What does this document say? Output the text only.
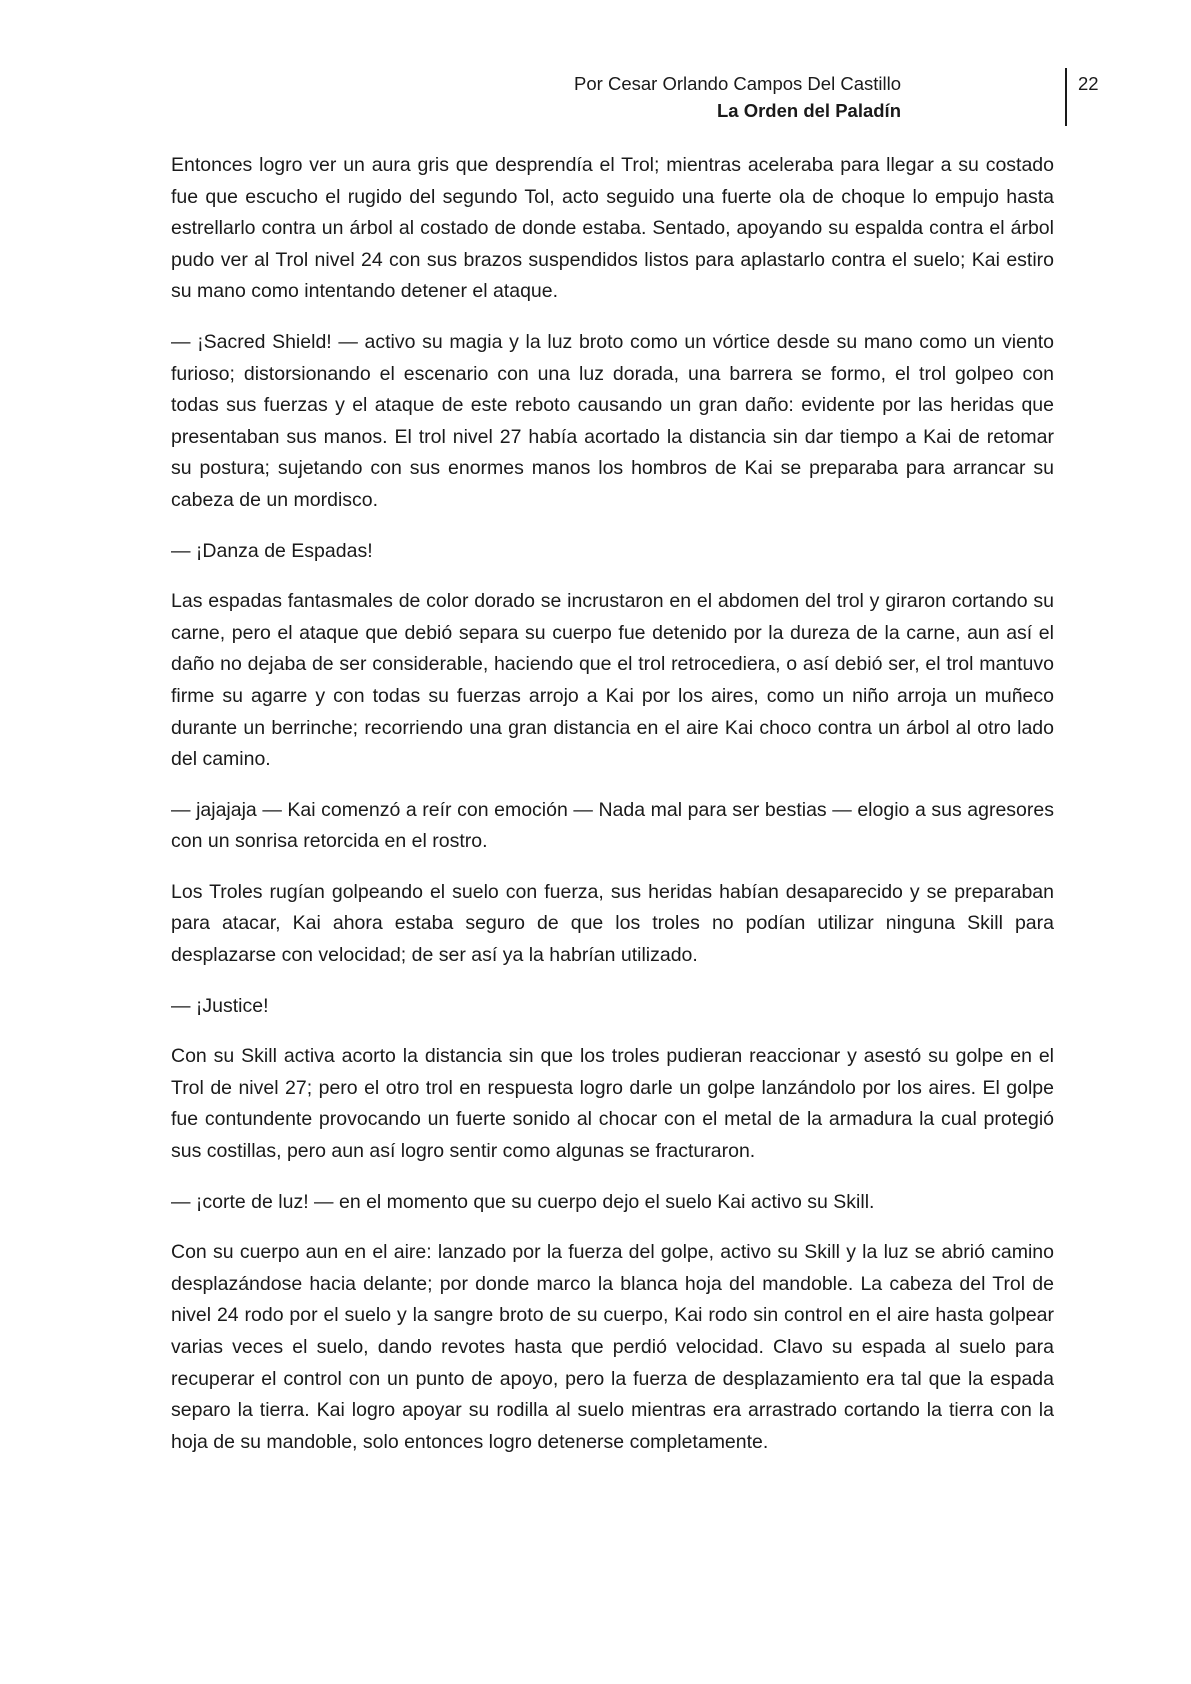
Por Cesar Orlando Campos Del Castillo
La Orden del Paladín
22

Entonces logro ver un aura gris que desprendía el Trol; mientras aceleraba para llegar a su costado fue que escucho el rugido del segundo Tol, acto seguido una fuerte ola de choque lo empujo hasta estrellarlo contra un árbol al costado de donde estaba. Sentado, apoyando su espalda contra el árbol pudo ver al Trol nivel 24 con sus brazos suspendidos listos para aplastarlo contra el suelo; Kai estiro su mano como intentando detener el ataque.

— ¡Sacred Shield! — activo su magia y la luz broto como un vórtice desde su mano como un viento furioso; distorsionando el escenario con una luz dorada, una barrera se formo, el trol golpeo con todas sus fuerzas y el ataque de este reboto causando un gran daño: evidente por las heridas que presentaban sus manos. El trol nivel 27 había acortado la distancia sin dar tiempo a Kai de retomar su postura; sujetando con sus enormes manos los hombros de Kai se preparaba para arrancar su cabeza de un mordisco.

— ¡Danza de Espadas!

Las espadas fantasmales de color dorado se incrustaron en el abdomen del trol y giraron cortando su carne, pero el ataque que debió separa su cuerpo fue detenido por la dureza de la carne, aun así el daño no dejaba de ser considerable, haciendo que el trol retrocediera, o así debió ser, el trol mantuvo firme su agarre y con todas su fuerzas arrojo a Kai por los aires, como un niño arroja un muñeco durante un berrinche; recorriendo una gran distancia en el aire Kai choco contra un árbol al otro lado del camino.

— jajajaja — Kai comenzó a reír con emoción — Nada mal para ser bestias — elogio a sus agresores con un sonrisa retorcida en el rostro.

Los Troles rugían golpeando el suelo con fuerza, sus heridas habían desaparecido y se preparaban para atacar, Kai ahora estaba seguro de que los troles no podían utilizar ninguna Skill para desplazarse con velocidad; de ser así ya la habrían utilizado.

— ¡Justice!

Con su Skill activa acorto la distancia sin que los troles pudieran reaccionar y asestó su golpe en el Trol de nivel 27; pero el otro trol en respuesta logro darle un golpe lanzándolo por los aires. El golpe fue contundente provocando un fuerte sonido al chocar con el metal de la armadura la cual protegió sus costillas, pero aun así logro sentir como algunas se fracturaron.

— ¡corte de luz! — en el momento que su cuerpo dejo el suelo Kai activo su Skill.

Con su cuerpo aun en el aire: lanzado por la fuerza del golpe, activo su Skill y la luz se abrió camino desplazándose hacia delante; por donde marco la blanca hoja del mandoble. La cabeza del Trol de nivel 24 rodo por el suelo y la sangre broto de su cuerpo, Kai rodo sin control en el aire hasta golpear varias veces el suelo, dando revotes hasta que perdió velocidad. Clavo su espada al suelo para recuperar el control con un punto de apoyo, pero la fuerza de desplazamiento era tal que la espada separo la tierra. Kai logro apoyar su rodilla al suelo mientras era arrastrado cortando la tierra con la hoja de su mandoble, solo entonces logro detenerse completamente.
